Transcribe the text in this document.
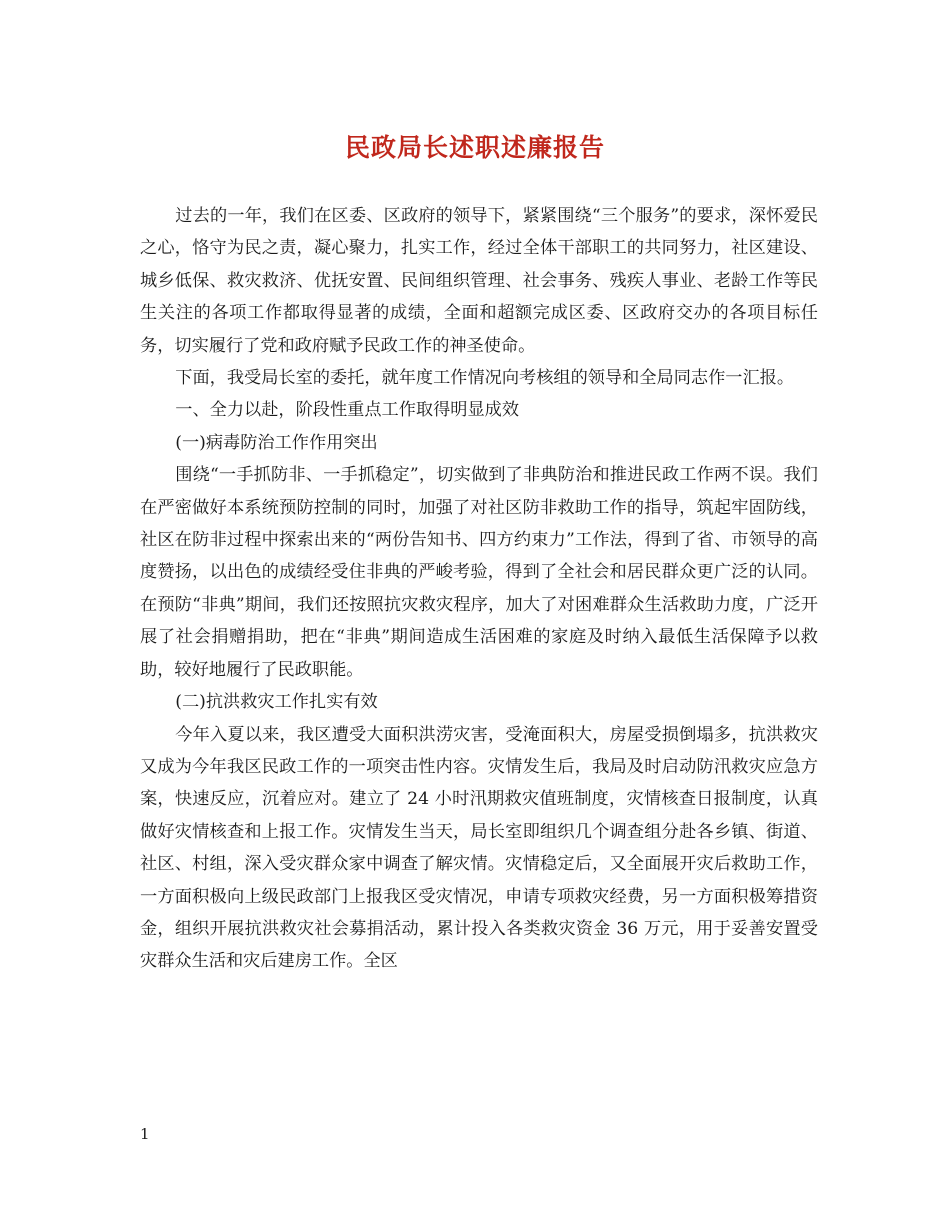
民政局长述职述廉报告

过去的一年，我们在区委、区政府的领导下，紧紧围绕“三个服务”的要求，深怀爱民之心，恪守为民之责，凝心聚力，扎实工作，经过全体干部职工的共同努力，社区建设、城乡低保、救灾救济、优抚安置、民间组织管理、社会事务、残疾人事业、老龄工作等民生关注的各项工作都取得显著的成绩，全面和超额完成区委、区政府交办的各项目标任务，切实履行了党和政府赋予民政工作的神圣使命。

下面，我受局长室的委托，就年度工作情况向考核组的领导和全局同志作一汇报。

一、全力以赴，阶段性重点工作取得明显成效

(一)病毒防治工作作用突出

围绕“一手抓防非、一手抓稳定”，切实做到了非典防治和推进民政工作两不误。我们在严密做好本系统预防控制的同时，加强了对社区防非救助工作的指导，筑起牢固防线，社区在防非过程中探索出来的“两份告知书、四方约束力”工作法，得到了省、市领导的高度赞扬，以出色的成绩经受住非典的严峻考验，得到了全社会和居民群众更广泛的认同。在预防“非典”期间，我们还按照抗灾救灾程序，加大了对困难群众生活救助力度，广泛开展了社会捐赠捐助，把在“非典”期间造成生活困难的家庭及时纳入最低生活保障予以救助，较好地履行了民政职能。

(二)抗洪救灾工作扎实有效

今年入夏以来，我区遭受大面积洪涝灾害，受淹面积大，房屋受损倒塌多，抗洪救灾又成为今年我区民政工作的一项突击性内容。灾情发生后，我局及时启动防汛救灾应急方案，快速反应，沉着应对。建立了 24 小时汛期救灾值班制度，灾情核查日报制度，认真做好灾情核查和上报工作。灾情发生当天，局长室即组织几个调查组分赴各乡镇、街道、社区、村组，深入受灾群众家中调查了解灾情。灾情稳定后，又全面展开灾后救助工作，一方面积极向上级民政部门上报我区受灾情况，申请专项救灾经费，另一方面积极筹措资金，组织开展抗洪救灾社会募捐活动，累计投入各类救灾资金 36 万元，用于妥善安置受灾群众生活和灾后建房工作。全区

1
